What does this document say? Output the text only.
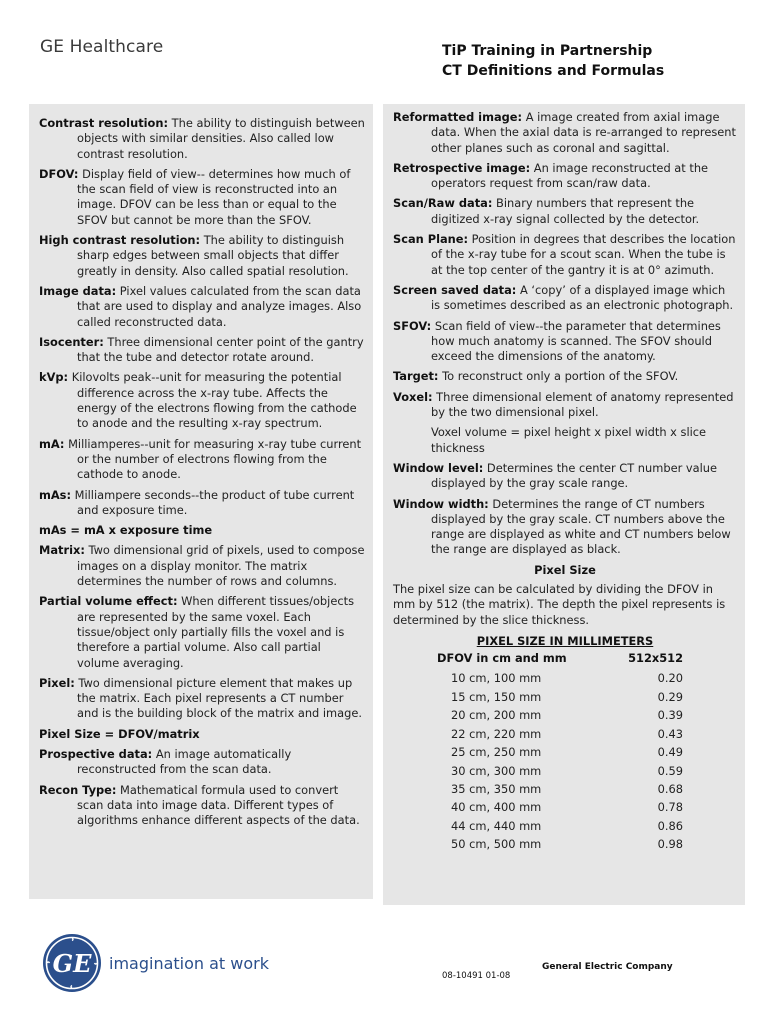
GE Healthcare	TiP Training in Partnership
CT Definitions and Formulas
Contrast resolution: The ability to distinguish between objects with similar densities. Also called low contrast resolution.
DFOV: Display field of view-- determines how much of the scan field of view is reconstructed into an image. DFOV can be less than or equal to the SFOV but cannot be more than the SFOV.
High contrast resolution: The ability to distinguish sharp edges between small objects that differ greatly in density. Also called spatial resolution.
Image data: Pixel values calculated from the scan data that are used to display and analyze images. Also called reconstructed data.
Isocenter: Three dimensional center point of the gantry that the tube and detector rotate around.
kVp: Kilovolts peak--unit for measuring the potential difference across the x-ray tube. Affects the energy of the electrons flowing from the cathode to anode and the resulting x-ray spectrum.
mA: Milliamperes--unit for measuring x-ray tube current or the number of electrons flowing from the cathode to anode.
mAs: Milliampere seconds--the product of tube current and exposure time.
mAs = mA x exposure time
Matrix: Two dimensional grid of pixels, used to compose images on a display monitor. The matrix determines the number of rows and columns.
Partial volume effect: When different tissues/objects are represented by the same voxel. Each tissue/object only partially fills the voxel and is therefore a partial volume. Also call partial volume averaging.
Pixel: Two dimensional picture element that makes up the matrix. Each pixel represents a CT number and is the building block of the matrix and image.
Pixel Size = DFOV/matrix
Prospective data: An image automatically reconstructed from the scan data.
Recon Type: Mathematical formula used to convert scan data into image data. Different types of algorithms enhance different aspects of the data.
Reformatted image: A image created from axial image data. When the axial data is re-arranged to represent other planes such as coronal and sagittal.
Retrospective image: An image reconstructed at the operators request from scan/raw data.
Scan/Raw data: Binary numbers that represent the digitized x-ray signal collected by the detector.
Scan Plane: Position in degrees that describes the location of the x-ray tube for a scout scan. When the tube is at the top center of the gantry it is at 0° azimuth.
Screen saved data: A ‘copy’ of a displayed image which is sometimes described as an electronic photograph.
SFOV: Scan field of view--the parameter that determines how much anatomy is scanned. The SFOV should exceed the dimensions of the anatomy.
Target: To reconstruct only a portion of the SFOV.
Voxel: Three dimensional element of anatomy represented by the two dimensional pixel.
Voxel volume = pixel height x pixel width x slice thickness
Window level: Determines the center CT number value displayed by the gray scale range.
Window width: Determines the range of CT numbers displayed by the gray scale. CT numbers above the range are displayed as white and CT numbers below the range are displayed as black.
Pixel Size
The pixel size can be calculated by dividing the DFOV in mm by 512 (the matrix). The depth the pixel represents is determined by the slice thickness.
PIXEL SIZE IN MILLIMETERS
DFOV in cm and mm	512x512
10 cm, 100 mm	0.20
15 cm, 150 mm	0.29
20 cm, 200 mm	0.39
22 cm, 220 mm	0.43
25 cm, 250 mm	0.49
30 cm, 300 mm	0.59
35 cm, 350 mm	0.68
40 cm, 400 mm	0.78
44 cm, 440 mm	0.86
50 cm, 500 mm	0.98
GE imagination at work	General Electric Company
08-10491 01-08
